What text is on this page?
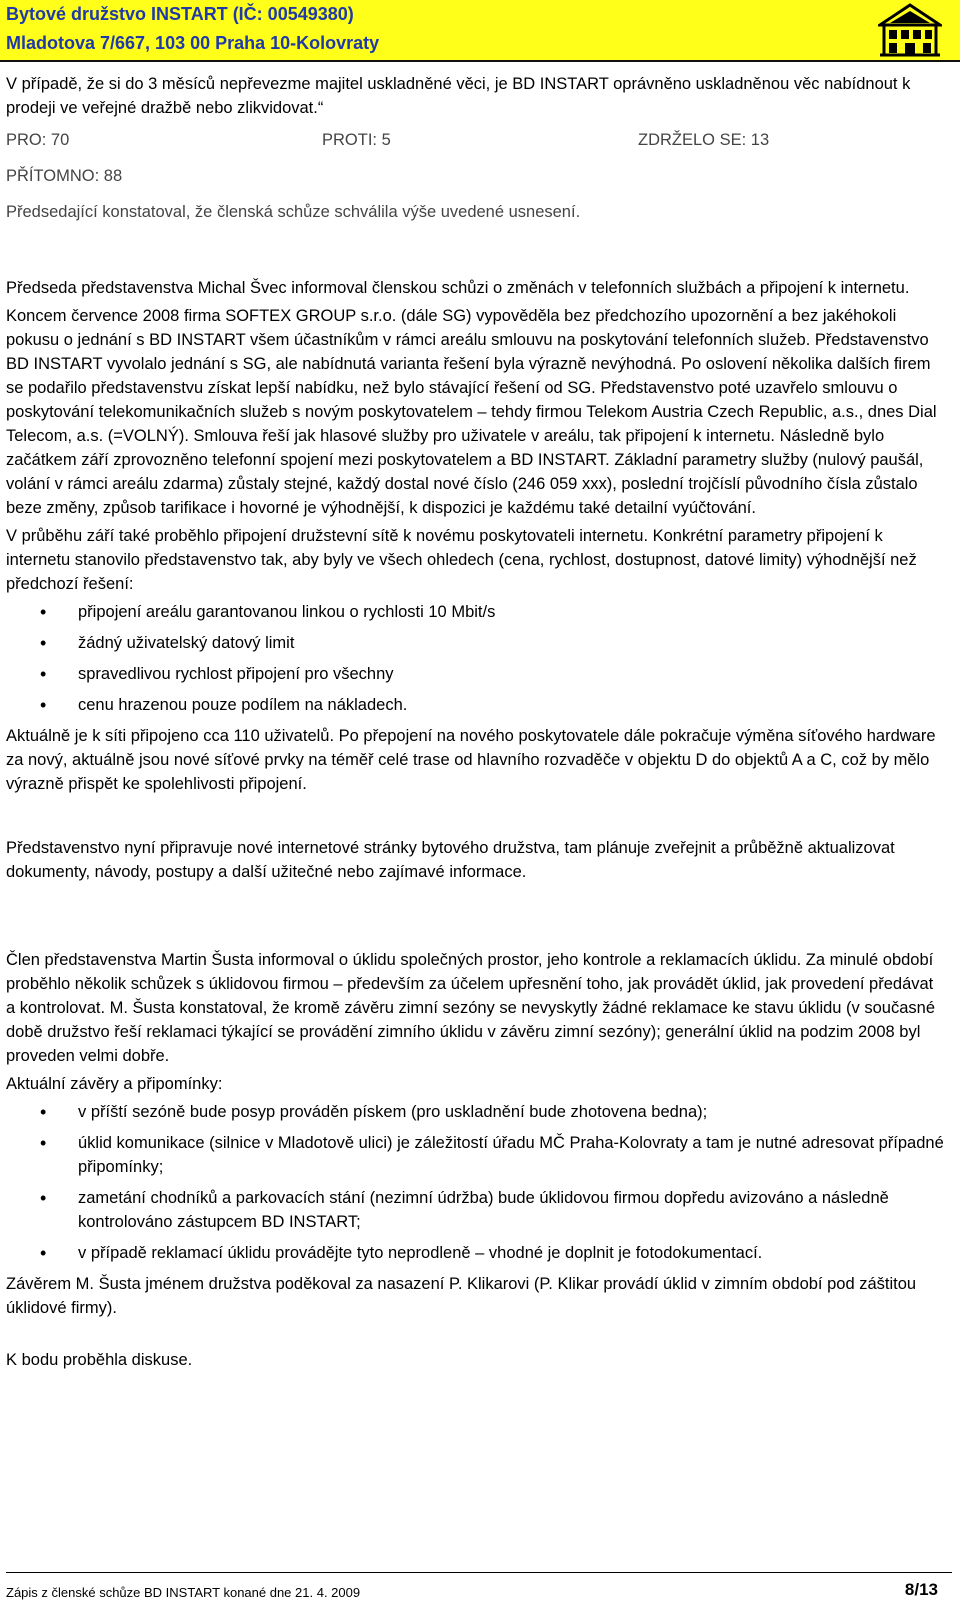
Bytové družstvo INSTART (IČ: 00549380)
Mladotova 7/667, 103 00 Praha 10-Kolovraty

V případě, že si do 3 měsíců nepřevezme majitel uskladněné věci, je BD INSTART oprávněno uskladněnou věc nabídnout k prodeji ve veřejné dražbě nebo zlikvidovat.“

PRO: 70	PROTI: 5	ZDRŽELO SE: 13

PŘÍTOMNO: 88

Předsedající konstatoval, že členská schůze schválila výše uvedené usnesení.

Předseda představenstva Michal Švec informoval členskou schůzi o změnách v telefonních službách a připojení k internetu.

Koncem července 2008 firma SOFTEX GROUP s.r.o. (dále SG) vypověděla bez předchozího upozornění a bez jakéhokoli pokusu o jednání s BD INSTART všem účastníkům v rámci areálu smlouvu na poskytování telefonních služeb. Představenstvo BD INSTART vyvolalo jednání s SG, ale nabídnutá varianta řešení byla výrazně nevýhodná. Po oslovení několika dalších firem se podařilo představenstvu získat lepší nabídku, než bylo stávající řešení od SG. Představenstvo poté uzavřelo smlouvu o poskytování telekomunikačních služeb s novým poskytovatelem – tehdy firmou Telekom Austria Czech Republic, a.s., dnes Dial Telecom, a.s. (=VOLNÝ). Smlouva řeší jak hlasové služby pro uživatele v areálu, tak připojení k internetu. Následně bylo začátkem září zprovozněno telefonní spojení mezi poskytovatelem a BD INSTART. Základní parametry služby (nulový paušál, volání v rámci areálu zdarma) zůstaly stejné, každý dostal nové číslo (246 059 xxx), poslední trojčíslí původního čísla zůstalo beze změny, způsob tarifikace i hovorné je výhodnější, k dispozici je každému také detailní vyúčtování.

V průběhu září také proběhlo připojení družstevní sítě k novému poskytovateli internetu. Konkrétní parametry připojení k internetu stanovilo představenstvo tak, aby byly ve všech ohledech (cena, rychlost, dostupnost, datové limity) výhodnější než předchozí řešení:

• připojení areálu garantovanou linkou o rychlosti 10 Mbit/s
• žádný uživatelský datový limit
• spravedlivou rychlost připojení pro všechny
• cenu hrazenou pouze podílem na nákladech.

Aktuálně je k síti připojeno cca 110 uživatelů. Po přepojení na nového poskytovatele dále pokračuje výměna síťového hardware za nový, aktuálně jsou nové síťové prvky na téměř celé trase od hlavního rozvaděče v objektu D do objektů A a C, což by mělo výrazně přispět ke spolehlivosti připojení.

Představenstvo nyní připravuje nové internetové stránky bytového družstva, tam plánuje zveřejnit a průběžně aktualizovat dokumenty, návody, postupy a další užitečné nebo zajímavé informace.

Člen představenstva Martin Šusta informoval o úklidu společných prostor, jeho kontrole a reklamacích úklidu. Za minulé období proběhlo několik schůzek s úklidovou firmou – především za účelem upřesnění toho, jak provádět úklid, jak provedení předávat a kontrolovat. M. Šusta konstatoval, že kromě závěru zimní sezóny se nevyskytly žádné reklamace ke stavu úklidu (v současné době družstvo řeší reklamaci týkající se provádění zimního úklidu v závěru zimní sezóny); generální úklid na podzim 2008 byl proveden velmi dobře.

Aktuální závěry a připomínky:

• v příští sezóně bude posyp prováděn pískem (pro uskladnění bude zhotovena bedna);
• úklid komunikace (silnice v Mladotově ulici) je záležitostí úřadu MČ Praha-Kolovraty a tam je nutné adresovat případné připomínky;
• zametání chodníků a parkovacích stání (nezimní údržba) bude úklidovou firmou dopředu avizováno a následně kontrolováno zástupcem BD INSTART;
• v případě reklamací úklidu provádějte tyto neprodleně – vhodné je doplnit je fotodokumentací.

Závěrem M. Šusta jménem družstva poděkoval za nasazení P. Klikarovi (P. Klikar provádí úklid v zimním období pod záštitou úklidové firmy).

K bodu proběhla diskuse.

Zápis z členské schůze BD INSTART konané dne 21. 4. 2009	8/13
